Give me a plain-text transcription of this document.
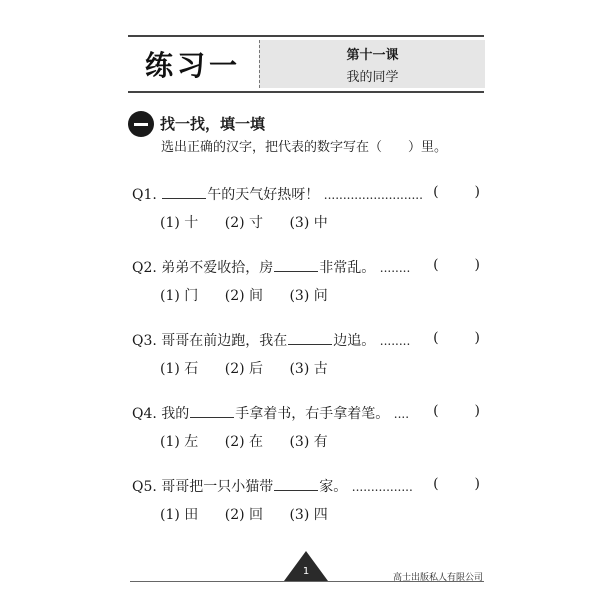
练习一	第十一课
我的同学
找一找，填一填
选出正确的汉字，把代表的数字写在（　　）里。
Q1.	午的天气好热呀！ .......................... (	)
(1) 十 (2) 寸 (3) 中
Q2. 弟弟不爱收拾，房	非常乱。 ........ (	)
(1) 门 (2) 间 (3) 问
Q3. 哥哥在前边跑，我在	边追。 ........ (	)
(1) 石 (2) 后 (3) 古
Q4. 我的	手拿着书，右手拿着笔。 .... (	)
(1) 左 (2) 在 (3) 有
Q5. 哥哥把一只小猫带	家。 ................ (	)
(1) 田 (2) 回 (3) 四
1
高士出版私人有限公司
